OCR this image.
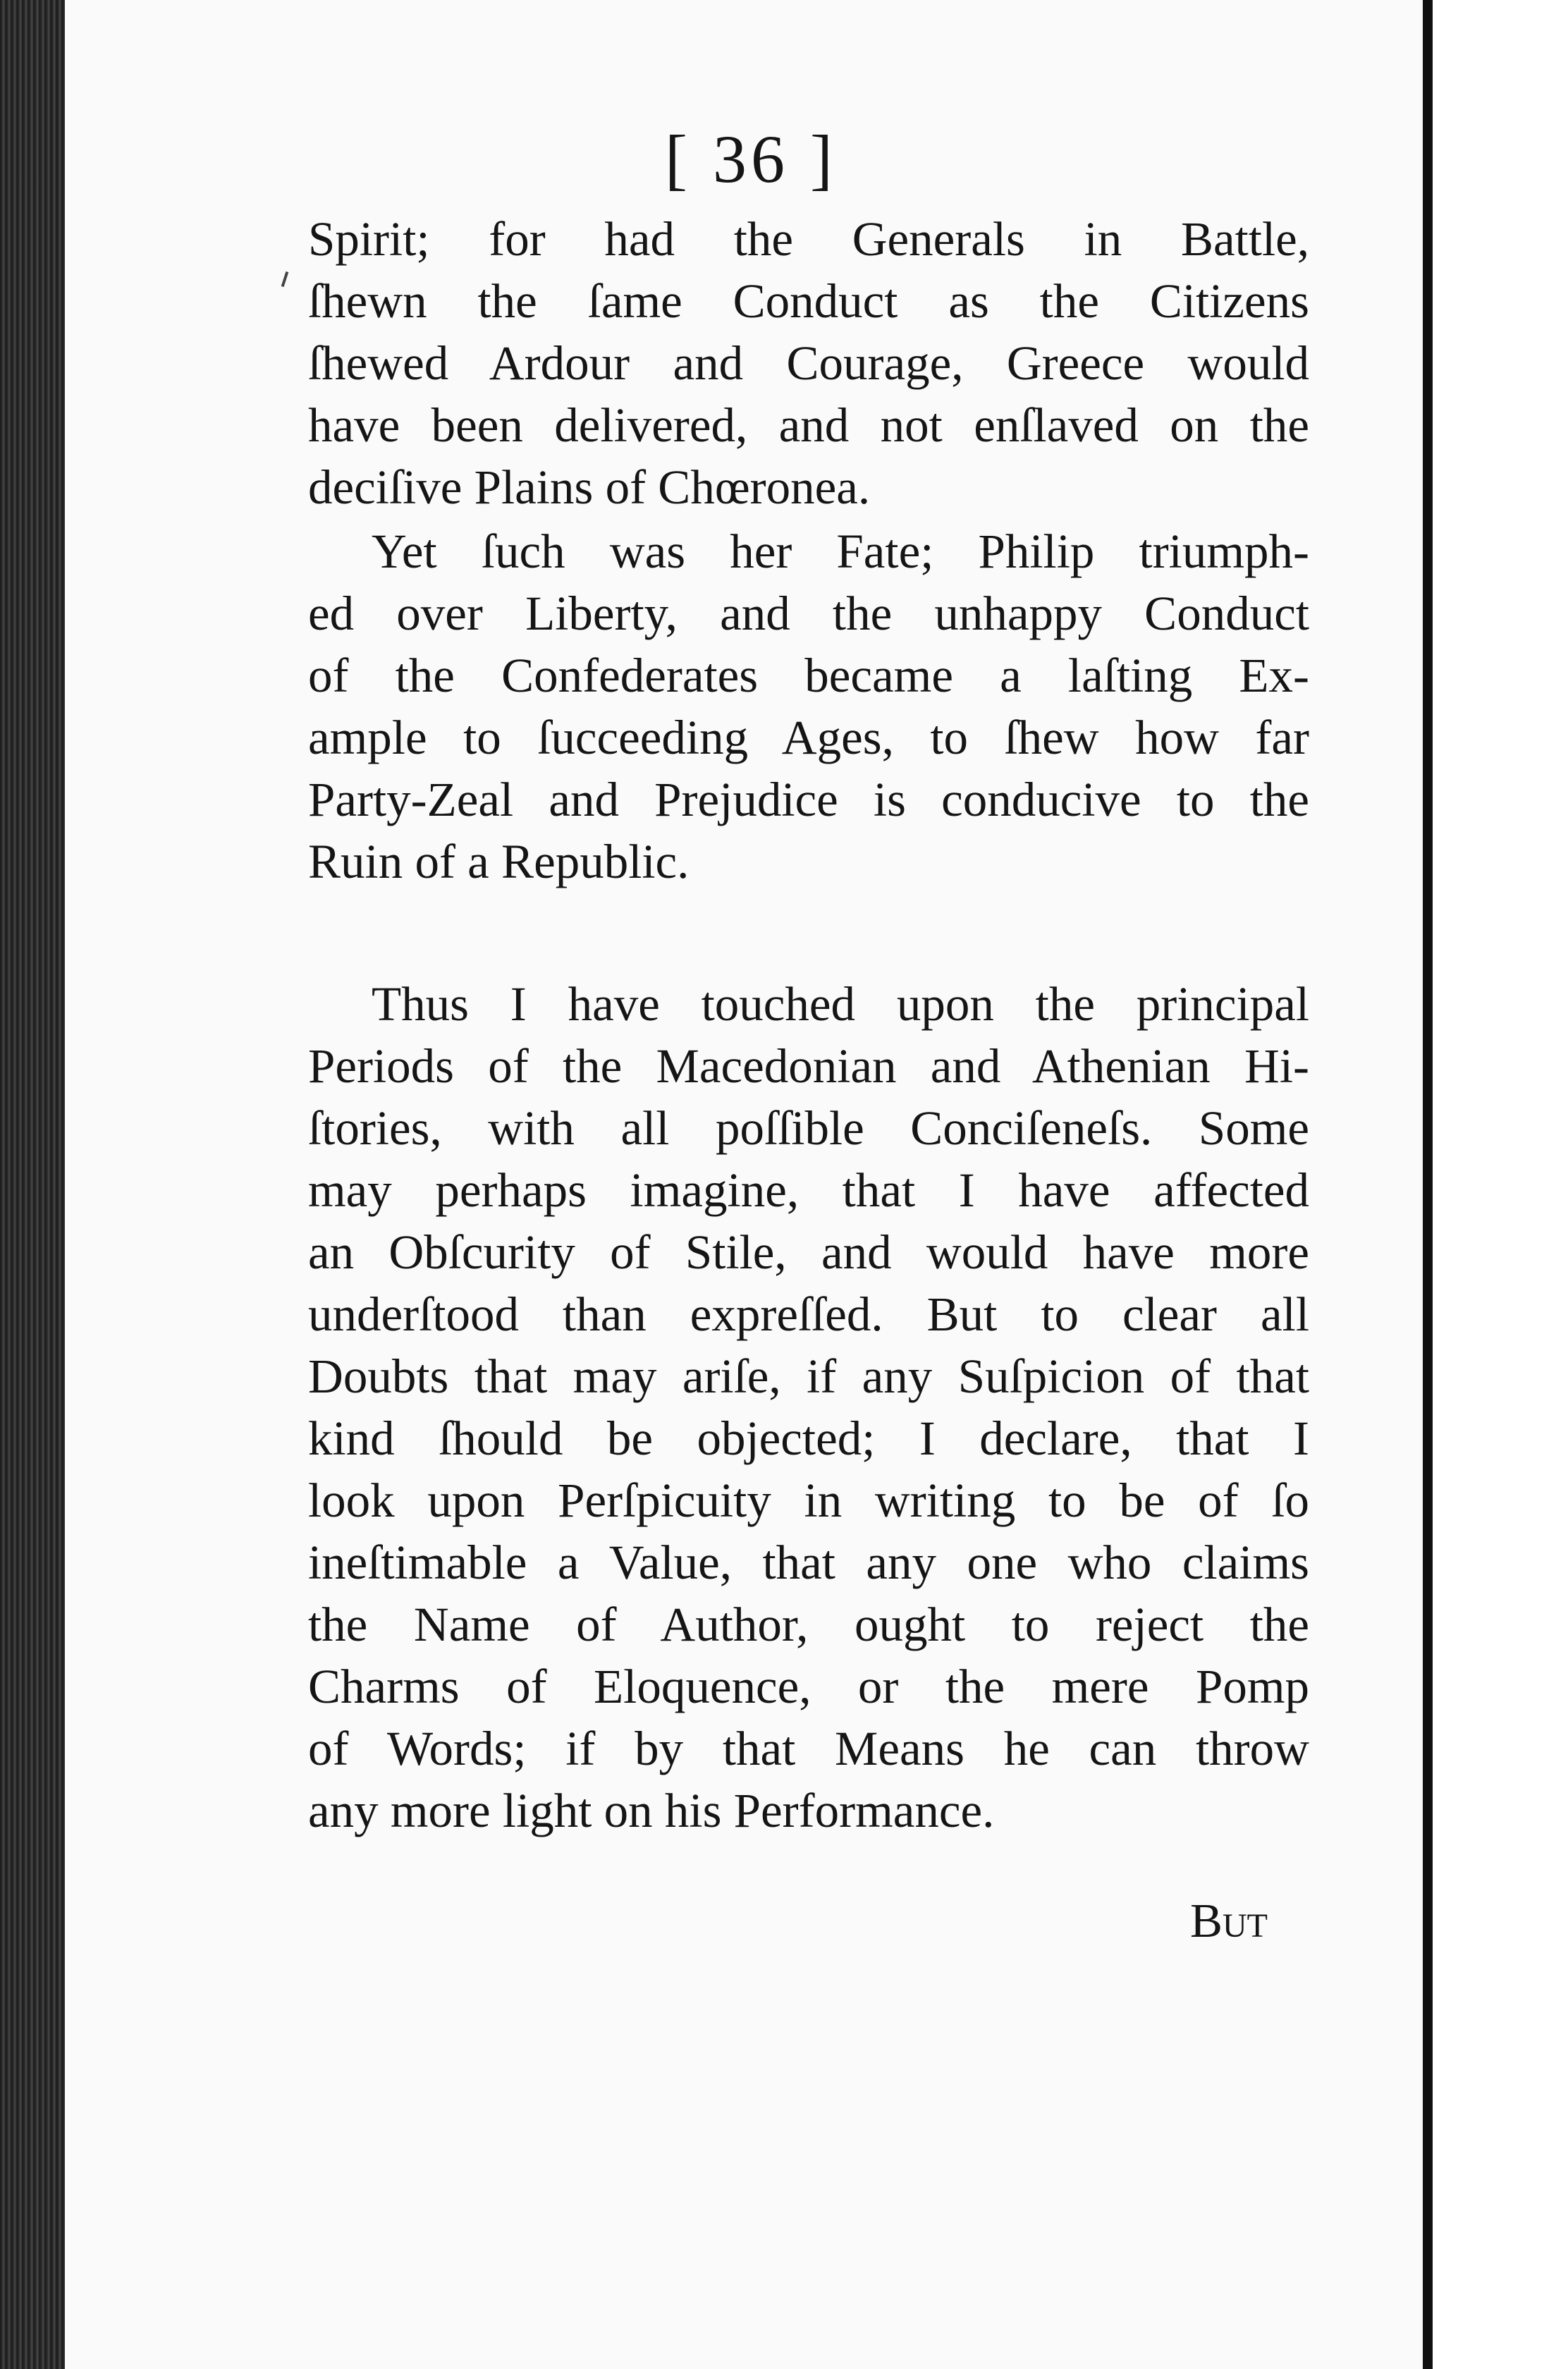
[ 36 ]
Spirit; for had the Generals in Battle,
ſhewn the ſame Conduct as the Citizens
ſhewed Ardour and Courage, Greece would
have been delivered, and not enſlaved on the
deciſive Plains of Chœronea.
Yet ſuch was her Fate; Philip triumph-
ed over Liberty, and the unhappy Conduct
of the Confederates became a laſting Ex-
ample to ſucceeding Ages, to ſhew how far
Party-Zeal and Prejudice is conducive to the
Ruin of a Republic.
Thus I have touched upon the principal
Periods of the Macedonian and Athenian Hi-
ſtories, with all poſſible Conciſeneſs. Some
may perhaps imagine, that I have affected
an Obſcurity of Stile, and would have more
underſtood than expreſſed. But to clear all
Doubts that may ariſe, if any Suſpicion of that
kind ſhould be objected; I declare, that I
look upon Perſpicuity in writing to be of ſo
ineſtimable a Value, that any one who claims
the Name of Author, ought to reject the
Charms of Eloquence, or the mere Pomp
of Words; if by that Means he can throw
any more light on his Performance.
But
